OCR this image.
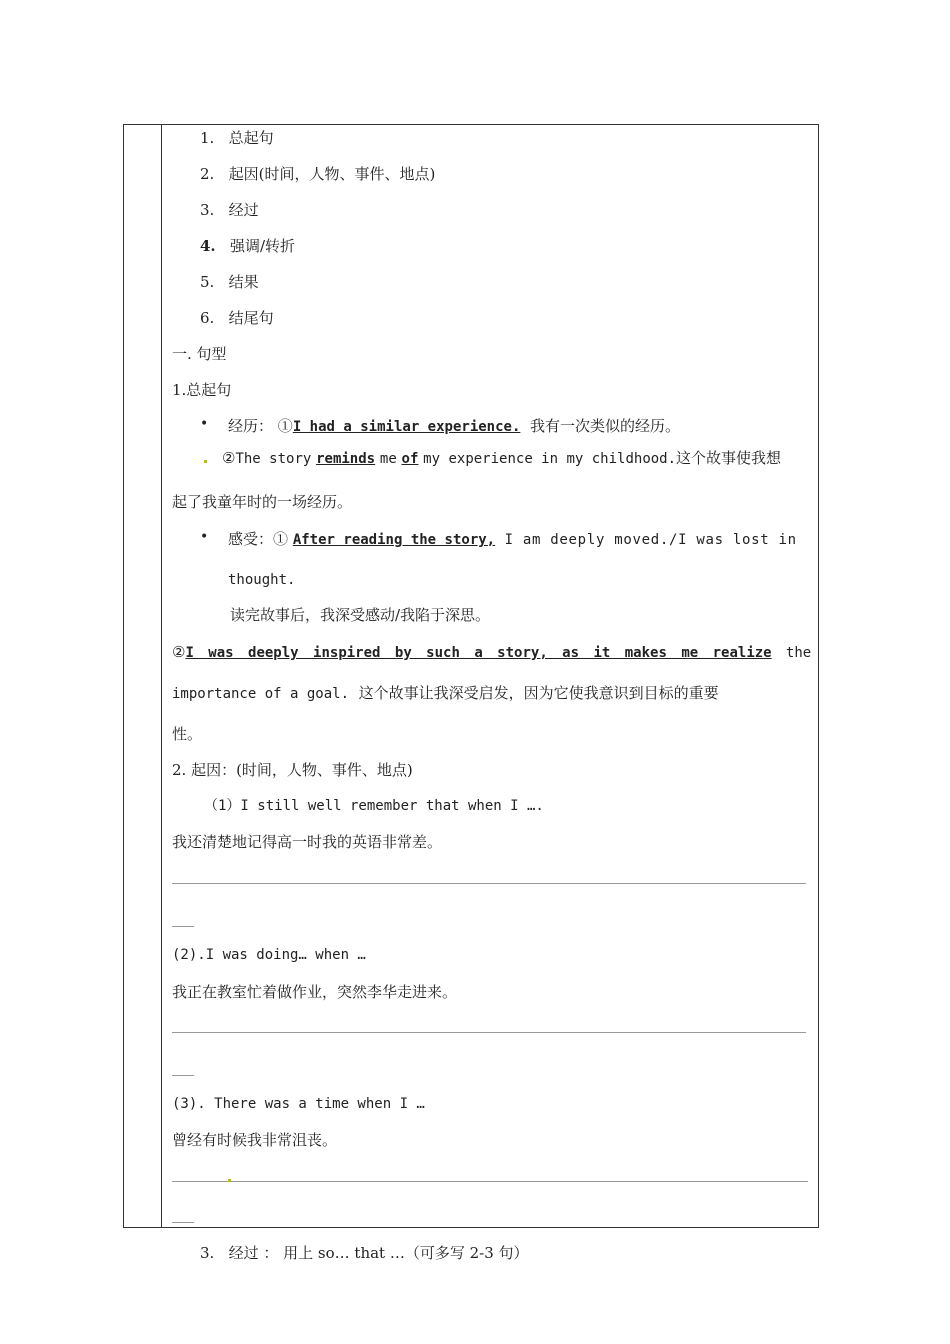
1. 总起句
2. 起因(时间，人物、事件、地点)
3. 经过
4. 强调/转折
5. 结果
6. 结尾句
一. 句型
1.总起句
• 经历： ①I had a similar experience. 我有一次类似的经历。
②The story reminds me of my experience in my childhood.这个故事使我想
起了我童年时的一场经历。
• 感受：① After reading the story, I am deeply moved./I was lost in
thought.
读完故事后，我深受感动/我陷于深思。
②I was deeply inspired by such a story, as it makes me realize the
importance of a goal. 这个故事让我深受启发，因为它使我意识到目标的重要
性。
2. 起因：(时间，人物、事件、地点)
（1）I still well remember that when I ….
我还清楚地记得高一时我的英语非常差。
(2).I was doing… when …
我正在教室忙着做作业，突然李华走进来。
(3). There was a time when I …
曾经有时候我非常沮丧。
3. 经过 ： 用上 so… that …（可多写 2-3 句）
